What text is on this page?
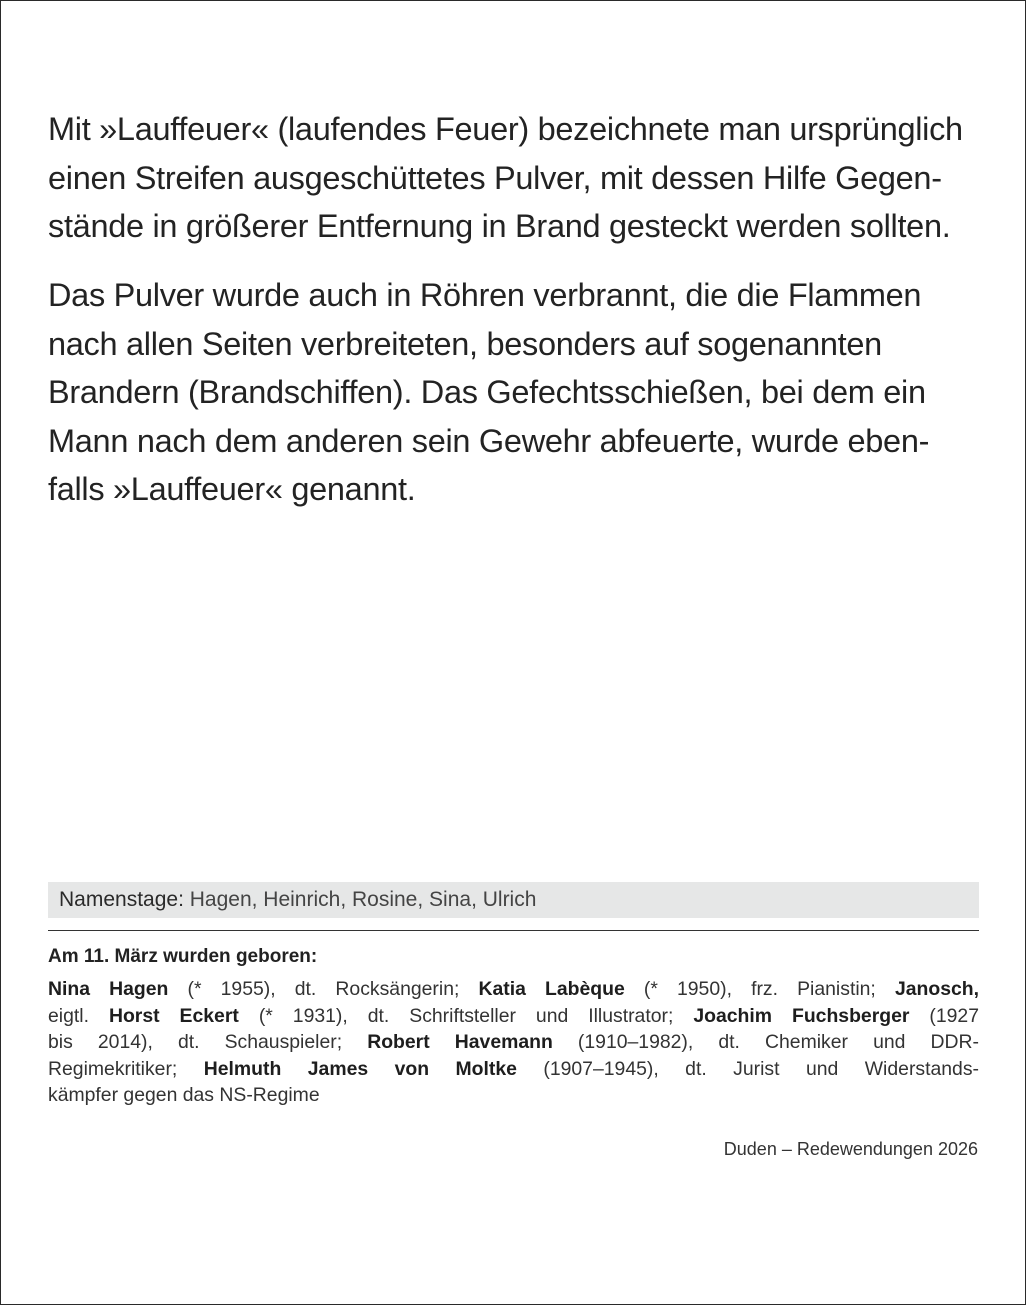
Mit »Lauffeuer« (laufendes Feuer) bezeichnete man ursprünglich
einen Streifen ausgeschüttetes Pulver, mit dessen Hilfe Gegen-
stände in größerer Entfernung in Brand gesteckt werden sollten.
Das Pulver wurde auch in Röhren verbrannt, die die Flammen
nach allen Seiten verbreiteten, besonders auf sogenannten
Brandern (Brandschiffen). Das Gefechtsschießen, bei dem ein
Mann nach dem anderen sein Gewehr abfeuerte, wurde eben-
falls »Lauffeuer« genannt.
Namenstage: Hagen, Heinrich, Rosine, Sina, Ulrich
Am 11. März wurden geboren:
Nina Hagen (* 1955), dt. Rocksängerin; Katia Labèque (* 1950), frz. Pianistin; Janosch,
eigtl. Horst Eckert (* 1931), dt. Schriftsteller und Illustrator; Joachim Fuchsberger (1927
bis 2014), dt. Schauspieler; Robert Havemann (1910–1982), dt. Chemiker und DDR-
Regimekritiker; Helmuth James von Moltke (1907–1945), dt. Jurist und Widerstands-
kämpfer gegen das NS-Regime
Duden – Redewendungen 2026
